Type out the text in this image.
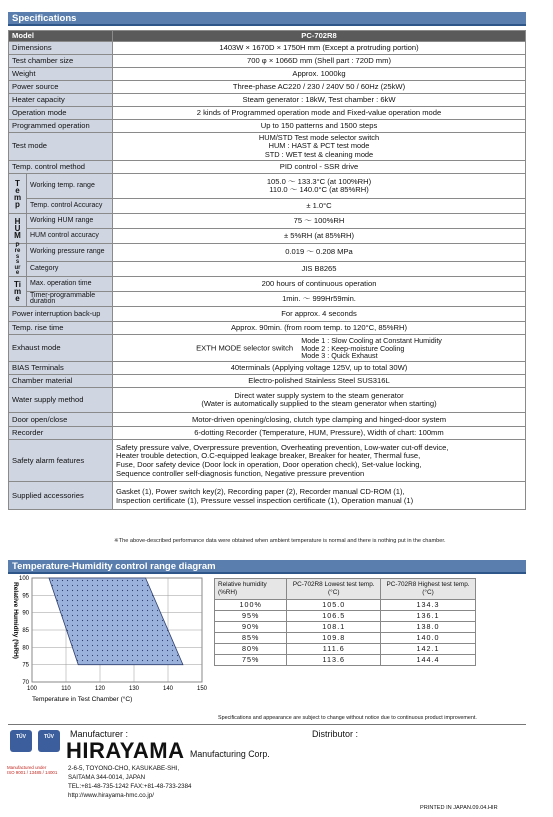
Specifications
Model		PC-702R8
Dimensions		1403W × 1670D × 1750H mm (Except a protruding portion)
Test chamber size		700 φ × 1066D mm (Shell part : 720D mm)
Weight		Approx. 1000kg
Power source		Three-phase AC220 / 230 / 240V 50 / 60Hz (25kW)
Heater capacity		Steam generator : 18kW, Test chamber : 6kW
Operation mode		2 kinds of Programmed operation mode and Fixed-value operation mode
Programmed operation		Up to 150 patterns and 1500 steps
Test mode		HUM/STD Test mode selector switch
HUM : HAST & PCT test mode
STD : WET test & cleaning mode

Temp. control method		PID control - SSR drive
Temp	Working temp. range	105.0 ～ 133.3°C (at 100%RH)
110.0 ～ 140.0°C (at 85%RH)

	Temp. control Accuracy	± 1.0°C
HUM	Working HUM range	75 ～ 100%RH
	HUM control accuracy	± 5%RH (at 85%RH)
Pressure	Working pressure range	0.019 ～ 0.208 MPa
	Category	JIS B8265
Time	Max. operation time	200 hours of continuous operation
	Timer-programmable duration	1min. ～ 999Hr59min.
Power interruption back-up		For approx. 4 seconds
Temp. rise time		Approx. 90min. (from room temp. to 120°C, 85%RH)
Exhaust mode		EXTH MODE selector switch
Mode 1 : Slow Cooling at Constant Humidity
Mode 2 : Keep-moisture Cooling
Mode 3 : Quick Exhaust

BIAS Terminals		40terminals (Applying voltage 125V, up to total 30W)
Chamber material		Electro-polished Stainless Steel SUS316L
Water supply method		Direct water supply system to the steam generator
(Water is automatically supplied to the steam generator when starting)

Door open/close		Motor-driven opening/closing, clutch type clamping and hinged-door system
Recorder		6-dotting Recorder (Temperature, HUM, Pressure), Width of chart: 100mm
Safety alarm features		Safety pressure valve, Overpressure prevention, Overheating prevention, Low-water cut-off device,
Heater trouble detection, O.C-equipped leakage breaker, Breaker for heater, Thermal fuse,
Fuse, Door safety device (Door lock in operation, Door operation check), Set-value locking,
Sequence controller self-diagnosis function, Negative pressure prevention

Supplied accessories		Gasket (1), Power switch key(2), Recording paper (2), Recorder manual CD-ROM (1),
Inspection certificate (1), Pressure vessel inspection certificate (1), Operation manual (1)
※The above-described performance data were obtained when ambient temperature is normal and there is nothing put in the chamber.
Temperature-Humidity control range diagram
100	110	120	130	140	150
70
75
80
85
90
95
100
Temperature in Test Chamber (°C)
Relative Humidity (%RH)	Relative humidity (%RH)	PC-702R8 Lowest test temp.(°C)	PC-702R8 Highest test temp.(°C)
100%	105.0	134.3
95%	106.5	136.1
90%	108.1	138.0
85%	109.8	140.0
80%	111.6	142.1
75%	113.6	144.4
Specifications and appearance are subject to change without notice due to continuous product improvement.
TÜV	TÜV
Manufactured under
ISO 9001 / 13485 / 14001
Manufacturer :
HIRAYAMA Manufacturing Corp.
2-6-5, TOYONO-CHO, KASUKABE-SHI,
SAITAMA 344-0014, JAPAN
TEL:+81-48-735-1242 FAX:+81-48-733-2384
http://www.hirayama-hmc.co.jp/
Distributor :
PRINTED IN JAPAN.09.04.HIR
